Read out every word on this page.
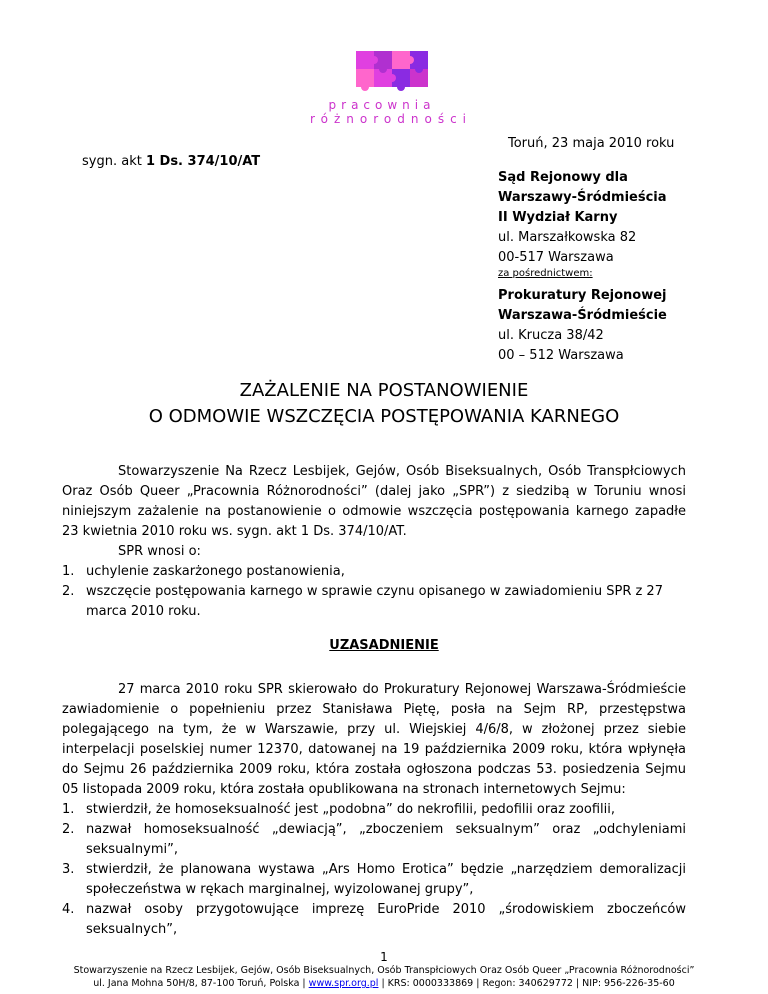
pracownia
różnorodności
Toruń, 23 maja 2010 roku
sygn. akt 1 Ds. 374/10/AT
Sąd Rejonowy dla
Warszawy-Śródmieścia
II Wydział Karny
ul. Marszałkowska 82
00-517 Warszawa
za pośrednictwem:
Prokuratury Rejonowej
Warszawa-Śródmieście
ul. Krucza 38/42
00 – 512 Warszawa
ZAŻALENIE NA POSTANOWIENIE
O ODMOWIE WSZCZĘCIA POSTĘPOWANIA KARNEGO
Stowarzyszenie Na Rzecz Lesbijek, Gejów, Osób Biseksualnych, Osób Transpłciowych Oraz Osób Queer „Pracownia Różnorodności” (dalej jako „SPR”) z siedzibą w Toruniu wnosi niniejszym zażalenie na postanowienie o odmowie wszczęcia postępowania karnego zapadłe 23 kwietnia 2010 roku ws. sygn. akt 1 Ds. 374/10/AT.
SPR wnosi o:
1. uchylenie zaskarżonego postanowienia,
2. wszczęcie postępowania karnego w sprawie czynu opisanego w zawiadomieniu SPR z 27 marca 2010 roku.
UZASADNIENIE
27 marca 2010 roku SPR skierowało do Prokuratury Rejonowej Warszawa-Śródmieście zawiadomienie o popełnieniu przez Stanisława Piętę, posła na Sejm RP, przestępstwa polegającego na tym, że w Warszawie, przy ul. Wiejskiej 4/6/8, w złożonej przez siebie interpelacji poselskiej numer 12370, datowanej na 19 października 2009 roku, która wpłynęła do Sejmu 26 października 2009 roku, która została ogłoszona podczas 53. posiedzenia Sejmu 05 listopada 2009 roku, która została opublikowana na stronach internetowych Sejmu:
1. stwierdził, że homoseksualność jest „podobna” do nekrofilii, pedofilii oraz zoofilii,
2. nazwał homoseksualność „dewiacją”, „zboczeniem seksualnym” oraz „odchyleniami seksualnymi”,
3. stwierdził, że planowana wystawa „Ars Homo Erotica” będzie „narzędziem demoralizacji społeczeństwa w rękach marginalnej, wyizolowanej grupy”,
4. nazwał osoby przygotowujące imprezę EuroPride 2010 „środowiskiem zboczeńców seksualnych”,
1
Stowarzyszenie na Rzecz Lesbijek, Gejów, Osób Biseksualnych, Osób Transpłciowych Oraz Osób Queer „Pracownia Różnorodności”
ul. Jana Mohna 50H/8, 87-100 Toruń, Polska | www.spr.org.pl | KRS: 0000333869 | Regon: 340629772 | NIP: 956-226-35-60
